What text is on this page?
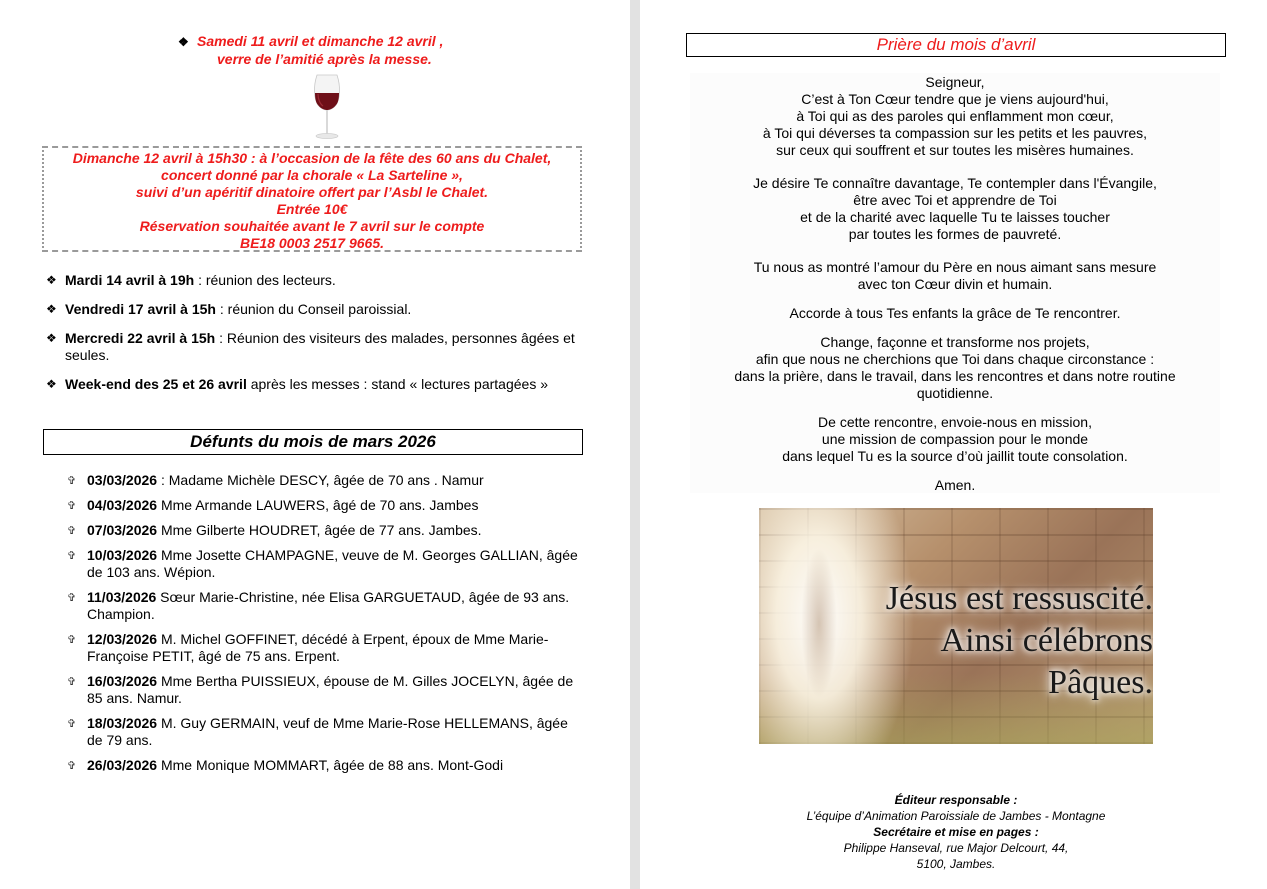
❖ Samedi 11 avril et dimanche 12 avril ,
verre de l’amitié après la messe.
Dimanche 12 avril à 15h30 : à l’occasion de la fête des 60 ans du Chalet,
concert donné par la chorale « La Sarteline »,
suivi d’un apéritif dinatoire offert par l’Asbl le Chalet.
Entrée 10€
Réservation souhaitée avant le 7 avril sur le compte
BE18 0003 2517 9665.
❖ Mardi 14 avril à 19h : réunion des lecteurs.
❖ Vendredi 17 avril à 15h : réunion du Conseil paroissial.
❖ Mercredi 22 avril à 15h : Réunion des visiteurs des malades, personnes âgées et seules.
❖ Week-end des 25 et 26 avril après les messes : stand « lectures partagées »
Défunts du mois de mars 2026
✞ 03/03/2026 : Madame Michèle DESCY, âgée de 70 ans . Namur
✞ 04/03/2026 Mme Armande LAUWERS, âgé de 70 ans. Jambes
✞ 07/03/2026 Mme Gilberte HOUDRET, âgée de 77 ans. Jambes.
✞ 10/03/2026 Mme Josette CHAMPAGNE, veuve de M. Georges GALLIAN, âgée de 103 ans. Wépion.
✞ 11/03/2026 Sœur Marie-Christine, née Elisa GARGUETAUD, âgée de 93 ans. Champion.
✞ 12/03/2026 M. Michel GOFFINET, décédé à Erpent, époux de Mme Marie-Françoise PETIT, âgé de 75 ans. Erpent.
✞ 16/03/2026 Mme Bertha PUISSIEUX, épouse de M. Gilles JOCELYN, âgée de 85 ans. Namur.
✞ 18/03/2026 M. Guy GERMAIN, veuf de Mme Marie-Rose HELLEMANS, âgée de 79 ans.
✞ 26/03/2026 Mme Monique MOMMART, âgée de 88 ans. Mont-Godi
Prière du mois d’avril
Seigneur,
C’est à Ton Cœur tendre que je viens aujourd'hui,
à Toi qui as des paroles qui enflamment mon cœur,
à Toi qui déverses ta compassion sur les petits et les pauvres,
sur ceux qui souffrent et sur toutes les misères humaines.
Je désire Te connaître davantage, Te contempler dans l'Évangile,
être avec Toi et apprendre de Toi
et de la charité avec laquelle Tu te laisses toucher
par toutes les formes de pauvreté.
Tu nous as montré l’amour du Père en nous aimant sans mesure
avec ton Cœur divin et humain.
Accorde à tous Tes enfants la grâce de Te rencontrer.
Change, façonne et transforme nos projets,
afin que nous ne cherchions que Toi dans chaque circonstance :
dans la prière, dans le travail, dans les rencontres et dans notre routine
quotidienne.
De cette rencontre, envoie-nous en mission,
une mission de compassion pour le monde
dans lequel Tu es la source d’où jaillit toute consolation.
Amen.
Jésus est ressuscité.
Ainsi célébrons Pâques.
Éditeur responsable :
L’équipe d’Animation Paroissiale de Jambes - Montagne
Secrétaire et mise en pages :
Philippe Hanseval, rue Major Delcourt, 44,
5100, Jambes.
